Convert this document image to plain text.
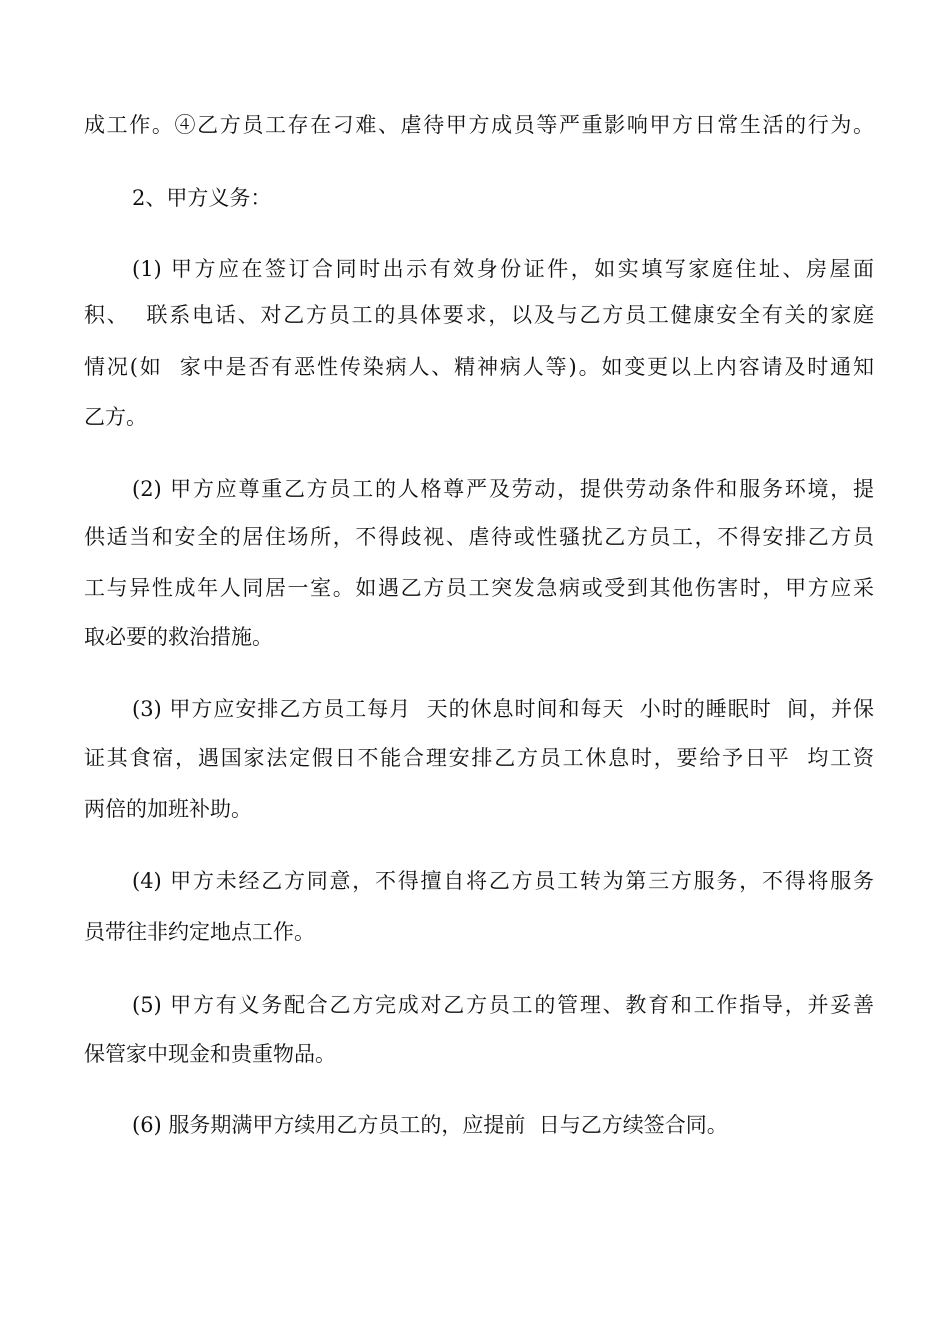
成工作。④乙方员工存在刁难、虐待甲方成员等严重影响甲方日常生活的行为。

2、甲方义务：

(1) 甲方应在签订合同时出示有效身份证件，如实填写家庭住址、房屋面

积、  联系电话、对乙方员工的具体要求，以及与乙方员工健康安全有关的家庭

情况(如  家中是否有恶性传染病人、精神病人等)。如变更以上内容请及时通知

乙方。

(2) 甲方应尊重乙方员工的人格尊严及劳动，提供劳动条件和服务环境，提

供适当和安全的居住场所，不得歧视、虐待或性骚扰乙方员工，不得安排乙方员

工与异性成年人同居一室。如遇乙方员工突发急病或受到其他伤害时，甲方应采

取必要的救治措施。

(3) 甲方应安排乙方员工每月  天的休息时间和每天  小时的睡眠时  间，并保

证其食宿，遇国家法定假日不能合理安排乙方员工休息时，要给予日平  均工资

两倍的加班补助。

(4) 甲方未经乙方同意，不得擅自将乙方员工转为第三方服务，不得将服务

员带往非约定地点工作。

(5) 甲方有义务配合乙方完成对乙方员工的管理、教育和工作指导，并妥善

保管家中现金和贵重物品。

(6) 服务期满甲方续用乙方员工的，应提前  日与乙方续签合同。
